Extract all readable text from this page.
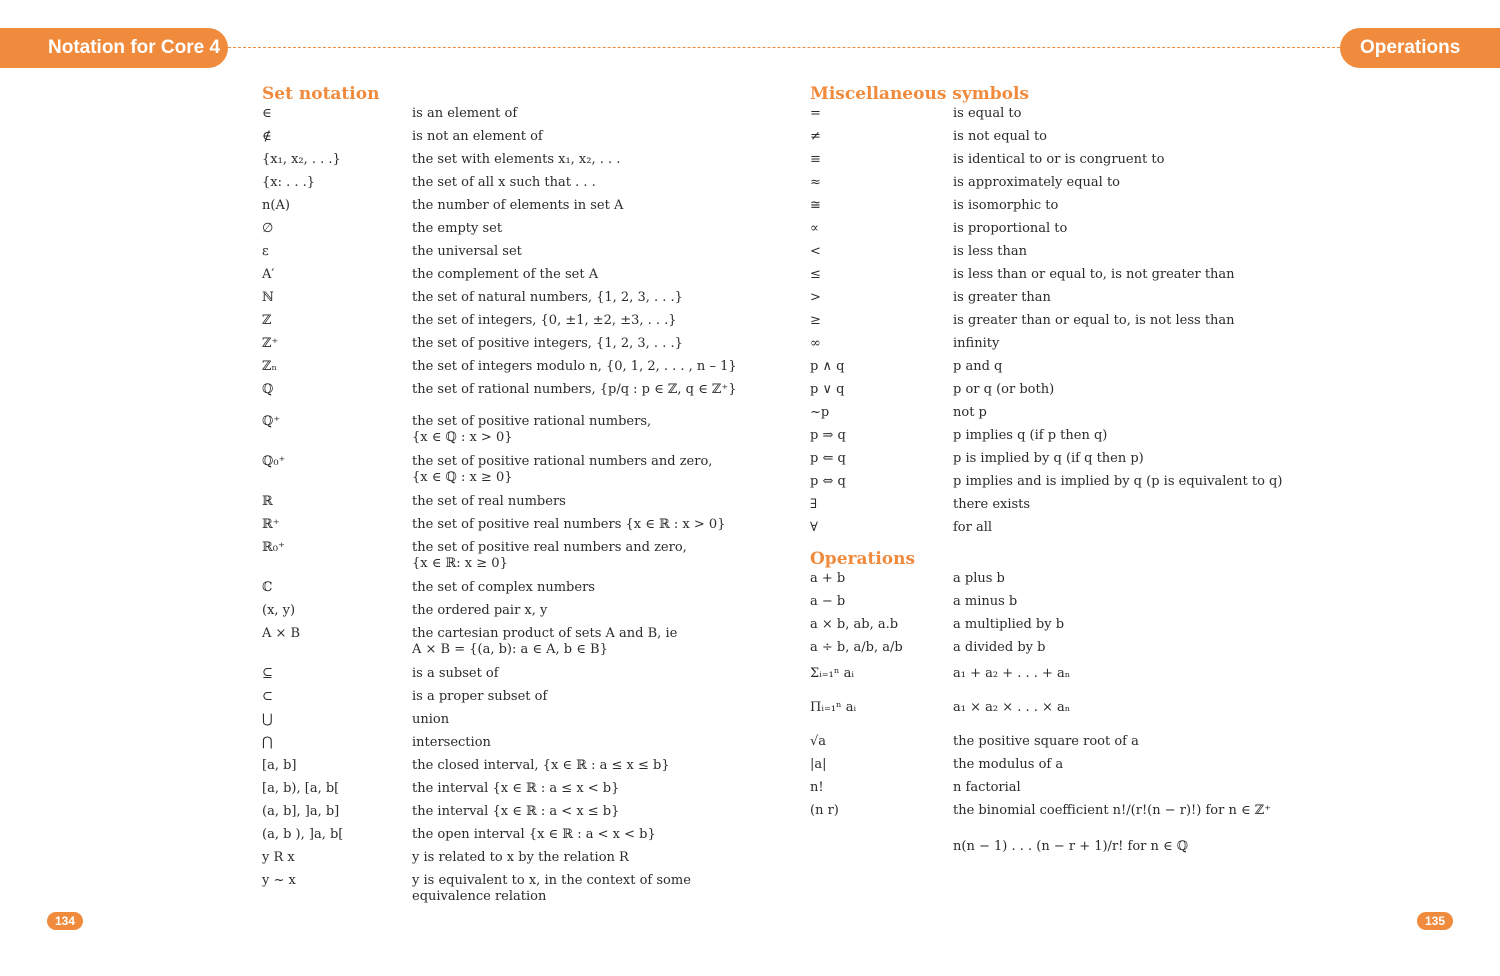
Notation for Core 4	Operations
Set notation
∈	is an element of
∉	is not an element of
{x₁, x₂, . . .}	the set with elements x₁, x₂, . . .
{x: . . .}	the set of all x such that . . .
n(A)	the number of elements in set A
∅	the empty set
ε	the universal set
A′	the complement of the set A
ℕ	the set of natural numbers, {1, 2, 3, . . .}
ℤ	the set of integers, {0, ±1, ±2, ±3, . . .}
ℤ⁺	the set of positive integers, {1, 2, 3, . . .}
ℤₙ	the set of integers modulo n, {0, 1, 2, . . . , n – 1}
ℚ	the set of rational numbers, {p/q : p ∈ ℤ, q ∈ ℤ⁺}
ℚ⁺	the set of positive rational numbers,
{x ∈ ℚ : x > 0}
ℚ₀⁺	the set of positive rational numbers and zero,
{x ∈ ℚ : x ≥ 0}
ℝ	the set of real numbers
ℝ⁺	the set of positive real numbers {x ∈ ℝ : x > 0}
ℝ₀⁺	the set of positive real numbers and zero,
{x ∈ ℝ: x ≥ 0}
ℂ	the set of complex numbers
(x, y)	the ordered pair x, y
A × B	the cartesian product of sets A and B, ie
A × B = {(a, b): a ∈ A, b ∈ B}
⊆	is a subset of
⊂	is a proper subset of
⋃	union
⋂	intersection
[a, b]	the closed interval, {x ∈ ℝ : a ≤ x ≤ b}
[a, b), [a, b[	the interval {x ∈ ℝ : a ≤ x < b}
(a, b], ]a, b]	the interval {x ∈ ℝ : a < x ≤ b}
(a, b ), ]a, b[	the open interval {x ∈ ℝ : a < x < b}
y R x	y is related to x by the relation R
y ~ x	y is equivalent to x, in the context of some
equivalence relation
Miscellaneous symbols
=	is equal to
≠	is not equal to
≡	is identical to or is congruent to
≈	is approximately equal to
≅	is isomorphic to
∝	is proportional to
<	is less than
≤	is less than or equal to, is not greater than
>	is greater than
≥	is greater than or equal to, is not less than
∞	infinity
p ∧ q	p and q
p ∨ q	p or q (or both)
~p	not p
p ⇒ q	p implies q (if p then q)
p ⇐ q	p is implied by q (if q then p)
p ⇔ q	p implies and is implied by q (p is equivalent to q)
∃	there exists
∀	for all
Operations
a + b	a plus b
a − b	a minus b
a × b, ab, a.b	a multiplied by b
a ÷ b, a/b, a/b	a divided by b
Σᵢ₌₁ⁿ aᵢ	a₁ + a₂ + . . . + aₙ
Πᵢ₌₁ⁿ aᵢ	a₁ × a₂ × . . . × aₙ
√a	the positive square root of a
|a|	the modulus of a
n!	n factorial
(n r)	the binomial coefficient n!/(r!(n − r)!) for n ∈ ℤ⁺
n(n − 1) . . . (n − r + 1)/r! for n ∈ ℚ
134	135
